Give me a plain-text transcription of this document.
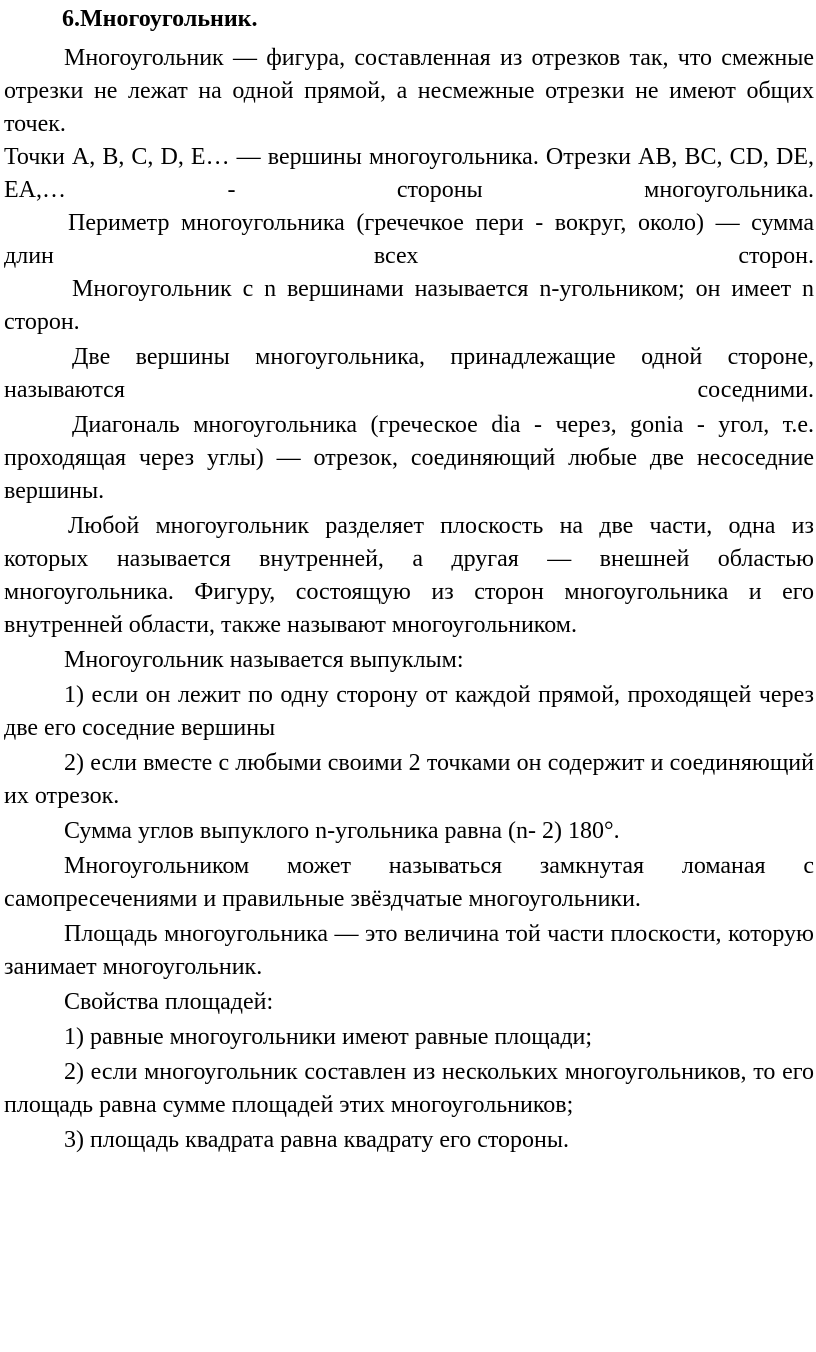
6.Многоугольник.

Многоугольник — фигура, составленная из отрезков так, что смежные отрезки не лежат на одной прямой, а несмежные отрезки не имеют общих точек.

Точки A, B, C, D, E… — вершины многоугольника. Отрезки AB, BC, CD, DE, EA,… - стороны многоугольника.

Периметр многоугольника (гречечкое пери - вокруг, около) — сумма длин всех сторон.

Многоугольник с n вершинами называется n-угольником; он имеет n сторон.

Две вершины многоугольника, принадлежащие одной стороне, называются соседними.

Диагональ многоугольника (греческое dia - через, gonia - угол, т.е. проходящая через углы) — отрезок, соединяющий любые две несоседние вершины.

Любой многоугольник разделяет плоскость на две части, одна из которых называется внутренней, а другая — внешней областью многоугольника. Фигуру, состоящую из сторон многоугольника и его внутренней области, также называют многоугольником.

Многоугольник называется выпуклым:

1) если он лежит по одну сторону от каждой прямой, проходящей через две его соседние вершины

2) если вместе с любыми своими 2 точками он содержит и соединяющий их отрезок.

Сумма углов выпуклого n-угольника равна (n- 2) 180°.

Многоугольником может называться замкнутая ломаная с самопресечениями и правильные звёздчатые многоугольники.

Площадь многоугольника — это величина той части плоскости, которую занимает многоугольник.

Свойства площадей:

1) равные многоугольники имеют равные площади;

2) если многоугольник составлен из нескольких многоугольников, то его площадь равна сумме площадей этих многоугольников;

3) площадь квадрата равна квадрату его стороны.
